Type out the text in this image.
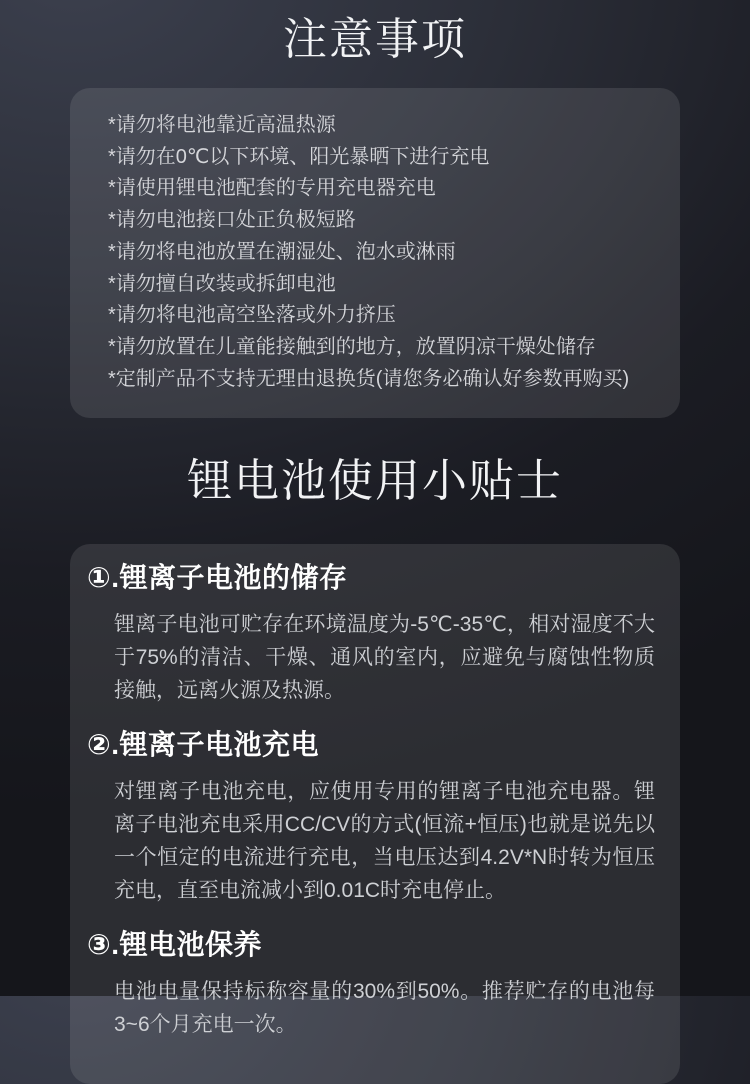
注意事项
*请勿将电池靠近高温热源
*请勿在0℃以下环境、阳光暴晒下进行充电
*请使用锂电池配套的专用充电器充电
*请勿电池接口处正负极短路
*请勿将电池放置在潮湿处、泡水或淋雨
*请勿擅自改装或拆卸电池
*请勿将电池高空坠落或外力挤压
*请勿放置在儿童能接触到的地方，放置阴凉干燥处储存
*定制产品不支持无理由退换货(请您务必确认好参数再购买)
锂电池使用小贴士
①.锂离子电池的储存

锂离子电池可贮存在环境温度为-5℃-35℃，相对湿度不大于75%的清洁、干燥、通风的室内，应避免与腐蚀性物质接触，远离火源及热源。

②.锂离子电池充电

对锂离子电池充电，应使用专用的锂离子电池充电器。锂离子电池充电采用CC/CV的方式(恒流+恒压)也就是说先以一个恒定的电流进行充电，当电压达到4.2V*N时转为恒压充电，直至电流减小到0.01C时充电停止。

③.锂电池保养

电池电量保持标称容量的30%到50%。推荐贮存的电池每3~6个月充电一次。
